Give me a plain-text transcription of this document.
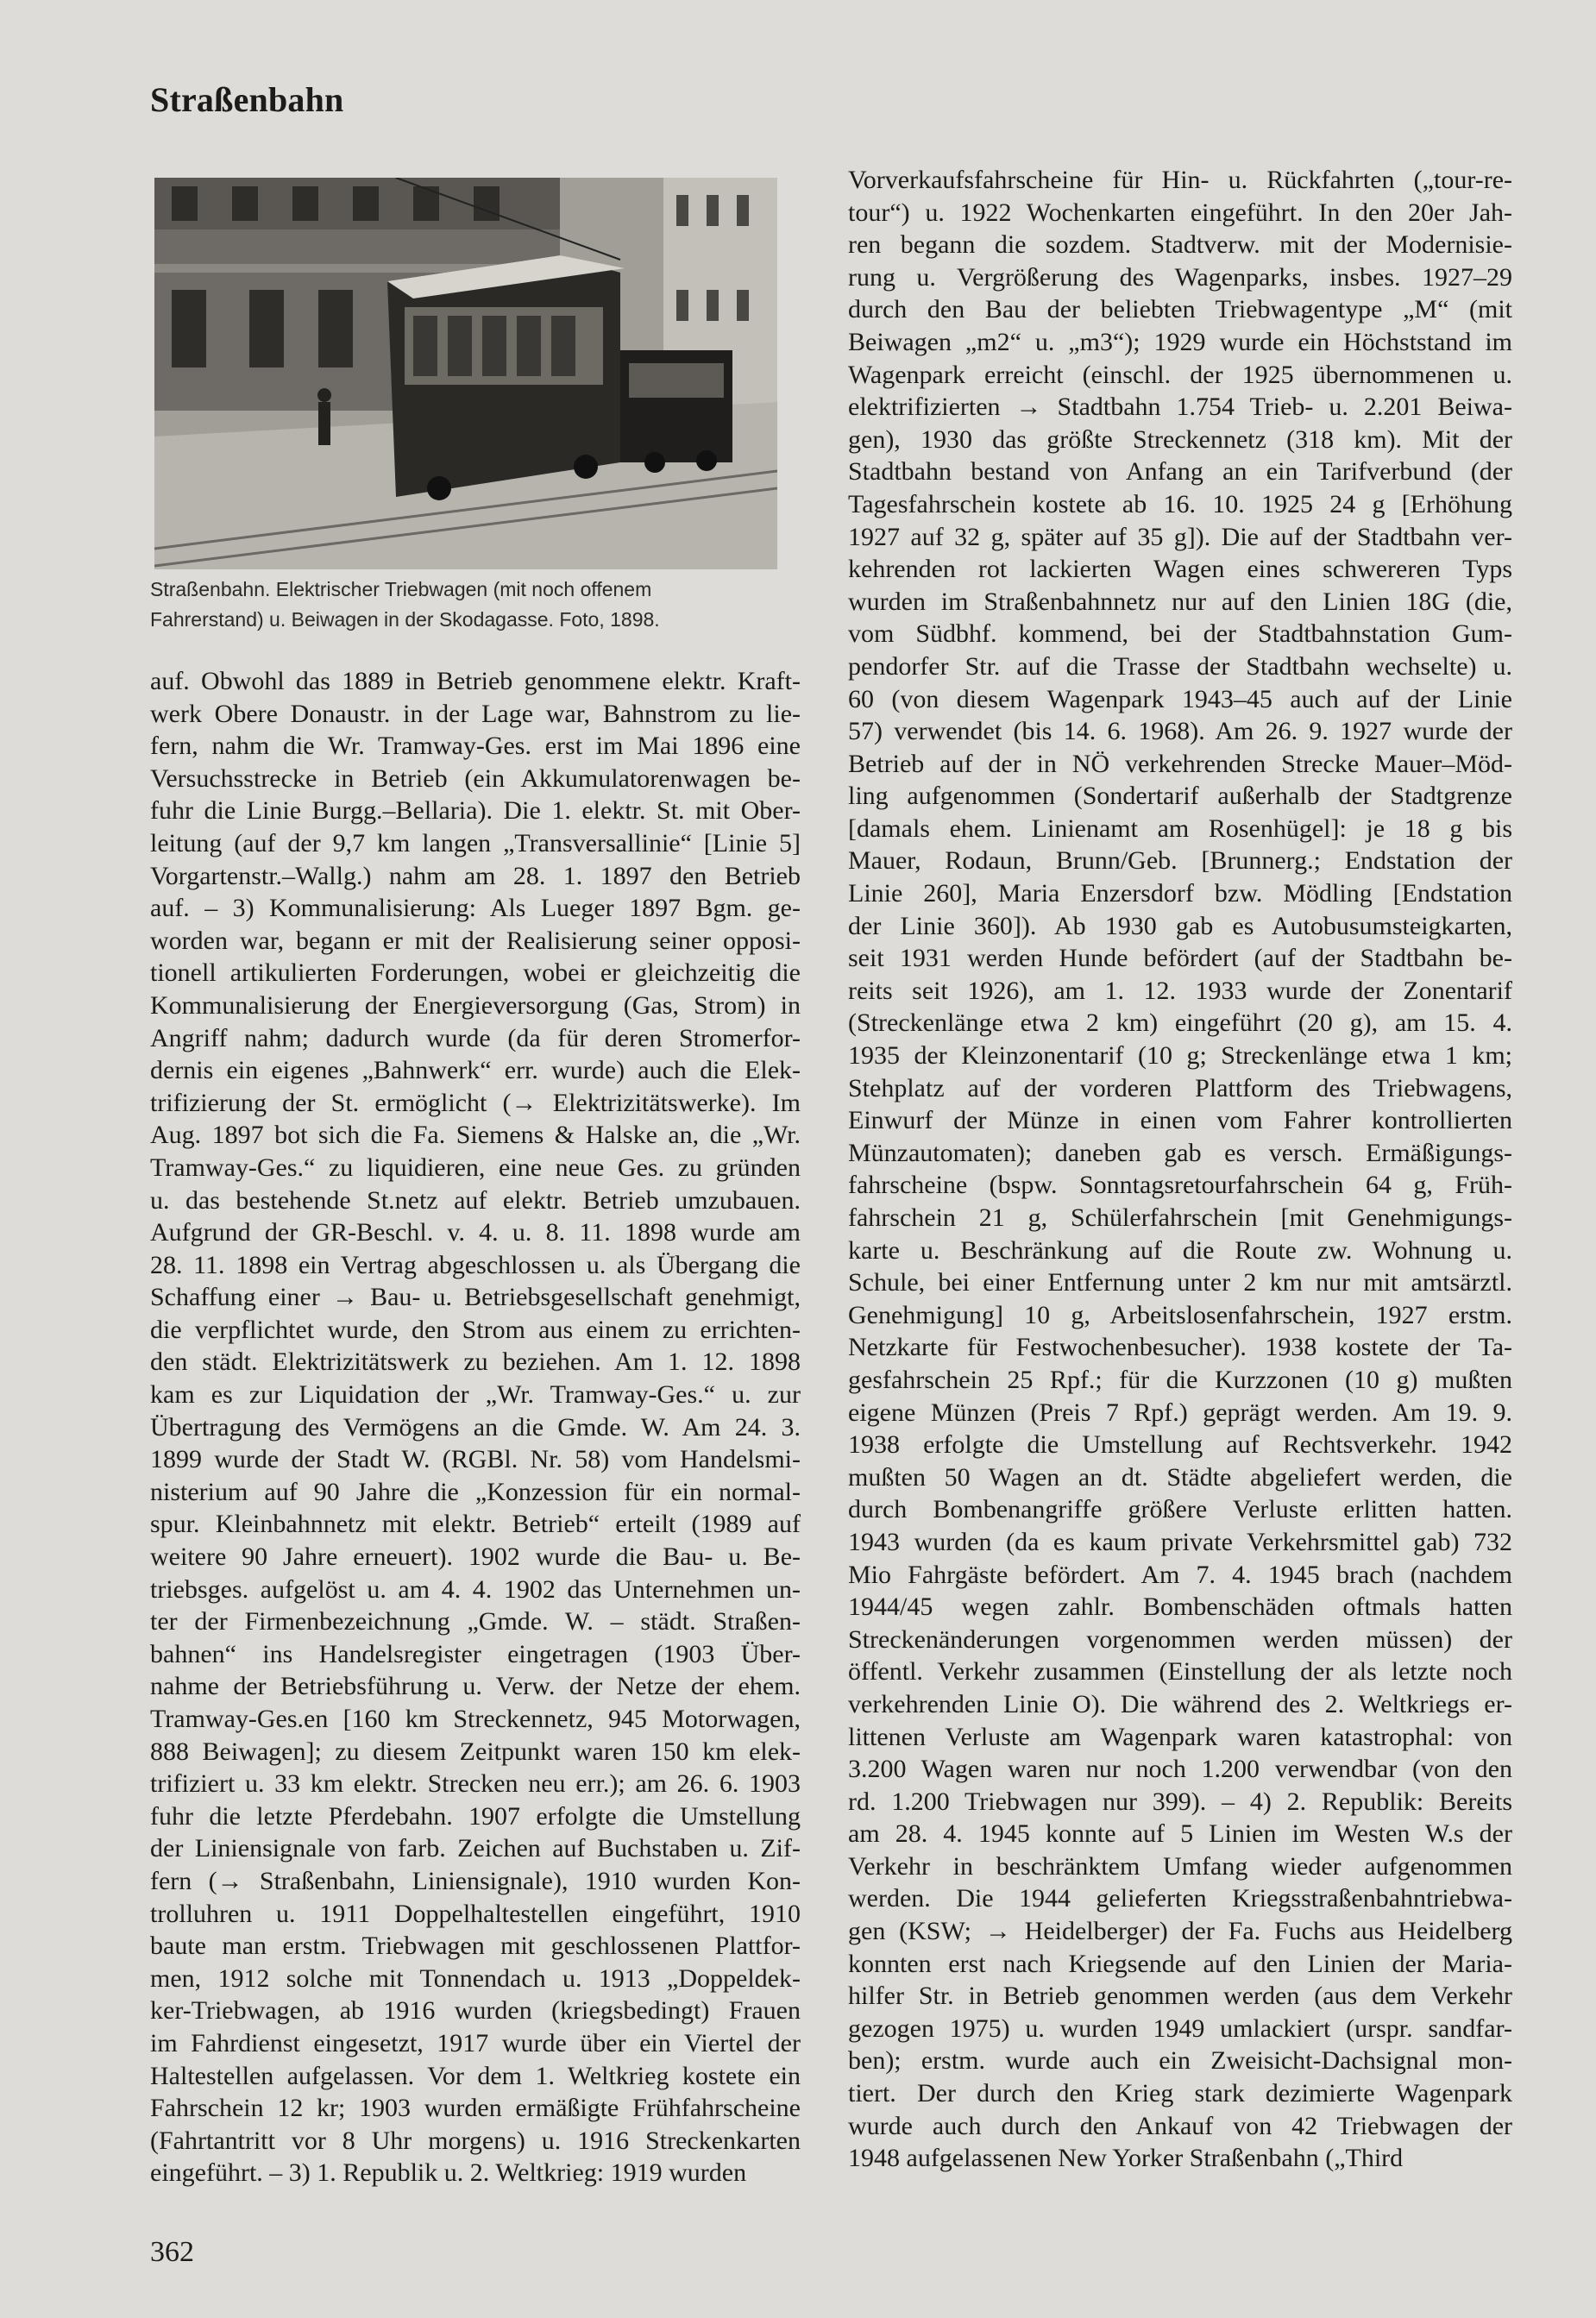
Straßenbahn
Straßenbahn. Elektrischer Triebwagen (mit noch offenem
Fahrerstand) u. Beiwagen in der Skodagasse. Foto, 1898.
auf. Obwohl das 1889 in Betrieb genommene elektr. Kraft-
werk Obere Donaustr. in der Lage war, Bahnstrom zu lie-
fern, nahm die Wr. Tramway-Ges. erst im Mai 1896 eine
Versuchsstrecke in Betrieb (ein Akkumulatorenwagen be-
fuhr die Linie Burgg.–Bellaria). Die 1. elektr. St. mit Ober-
leitung (auf der 9,7 km langen „Transversallinie“ [Linie 5]
Vorgartenstr.–Wallg.) nahm am 28. 1. 1897 den Betrieb
auf. – 3) Kommunalisierung: Als Lueger 1897 Bgm. ge-
worden war, begann er mit der Realisierung seiner opposi-
tionell artikulierten Forderungen, wobei er gleichzeitig die
Kommunalisierung der Energieversorgung (Gas, Strom) in
Angriff nahm; dadurch wurde (da für deren Stromerfor-
dernis ein eigenes „Bahnwerk“ err. wurde) auch die Elek-
trifizierung der St. ermöglicht (→ Elektrizitätswerke). Im
Aug. 1897 bot sich die Fa. Siemens & Halske an, die „Wr.
Tramway-Ges.“ zu liquidieren, eine neue Ges. zu gründen
u. das bestehende St.netz auf elektr. Betrieb umzubauen.
Aufgrund der GR-Beschl. v. 4. u. 8. 11. 1898 wurde am
28. 11. 1898 ein Vertrag abgeschlossen u. als Übergang die
Schaffung einer → Bau- u. Betriebsgesellschaft genehmigt,
die verpflichtet wurde, den Strom aus einem zu errichten-
den städt. Elektrizitätswerk zu beziehen. Am 1. 12. 1898
kam es zur Liquidation der „Wr. Tramway-Ges.“ u. zur
Übertragung des Vermögens an die Gmde. W. Am 24. 3.
1899 wurde der Stadt W. (RGBl. Nr. 58) vom Handelsmi-
nisterium auf 90 Jahre die „Konzession für ein normal-
spur. Kleinbahnnetz mit elektr. Betrieb“ erteilt (1989 auf
weitere 90 Jahre erneuert). 1902 wurde die Bau- u. Be-
triebsges. aufgelöst u. am 4. 4. 1902 das Unternehmen un-
ter der Firmenbezeichnung „Gmde. W. – städt. Straßen-
bahnen“ ins Handelsregister eingetragen (1903 Über-
nahme der Betriebsführung u. Verw. der Netze der ehem.
Tramway-Ges.en [160 km Streckennetz, 945 Motorwagen,
888 Beiwagen]; zu diesem Zeitpunkt waren 150 km elek-
trifiziert u. 33 km elektr. Strecken neu err.); am 26. 6. 1903
fuhr die letzte Pferdebahn. 1907 erfolgte die Umstellung
der Liniensignale von farb. Zeichen auf Buchstaben u. Zif-
fern (→ Straßenbahn, Liniensignale), 1910 wurden Kon-
trolluhren u. 1911 Doppelhaltestellen eingeführt, 1910
baute man erstm. Triebwagen mit geschlossenen Plattfor-
men, 1912 solche mit Tonnendach u. 1913 „Doppeldek-
ker-Triebwagen, ab 1916 wurden (kriegsbedingt) Frauen
im Fahrdienst eingesetzt, 1917 wurde über ein Viertel der
Haltestellen aufgelassen. Vor dem 1. Weltkrieg kostete ein
Fahrschein 12 kr; 1903 wurden ermäßigte Frühfahrscheine
(Fahrtantritt vor 8 Uhr morgens) u. 1916 Streckenkarten
eingeführt. – 3) 1. Republik u. 2. Weltkrieg: 1919 wurden
Vorverkaufsfahrscheine für Hin- u. Rückfahrten („tour-re-
tour“) u. 1922 Wochenkarten eingeführt. In den 20er Jah-
ren begann die sozdem. Stadtverw. mit der Modernisie-
rung u. Vergrößerung des Wagenparks, insbes. 1927–29
durch den Bau der beliebten Triebwagentype „M“ (mit
Beiwagen „m2“ u. „m3“); 1929 wurde ein Höchststand im
Wagenpark erreicht (einschl. der 1925 übernommenen u.
elektrifizierten → Stadtbahn 1.754 Trieb- u. 2.201 Beiwa-
gen), 1930 das größte Streckennetz (318 km). Mit der
Stadtbahn bestand von Anfang an ein Tarifverbund (der
Tagesfahrschein kostete ab 16. 10. 1925 24 g [Erhöhung
1927 auf 32 g, später auf 35 g]). Die auf der Stadtbahn ver-
kehrenden rot lackierten Wagen eines schwereren Typs
wurden im Straßenbahnnetz nur auf den Linien 18G (die,
vom Südbhf. kommend, bei der Stadtbahnstation Gum-
pendorfer Str. auf die Trasse der Stadtbahn wechselte) u.
60 (von diesem Wagenpark 1943–45 auch auf der Linie
57) verwendet (bis 14. 6. 1968). Am 26. 9. 1927 wurde der
Betrieb auf der in NÖ verkehrenden Strecke Mauer–Möd-
ling aufgenommen (Sondertarif außerhalb der Stadtgrenze
[damals ehem. Linienamt am Rosenhügel]: je 18 g bis
Mauer, Rodaun, Brunn/Geb. [Brunnerg.; Endstation der
Linie 260], Maria Enzersdorf bzw. Mödling [Endstation
der Linie 360]). Ab 1930 gab es Autobusumsteigkarten,
seit 1931 werden Hunde befördert (auf der Stadtbahn be-
reits seit 1926), am 1. 12. 1933 wurde der Zonentarif
(Streckenlänge etwa 2 km) eingeführt (20 g), am 15. 4.
1935 der Kleinzonentarif (10 g; Streckenlänge etwa 1 km;
Stehplatz auf der vorderen Plattform des Triebwagens,
Einwurf der Münze in einen vom Fahrer kontrollierten
Münzautomaten); daneben gab es versch. Ermäßigungs-
fahrscheine (bspw. Sonntagsretourfahrschein 64 g, Früh-
fahrschein 21 g, Schülerfahrschein [mit Genehmigungs-
karte u. Beschränkung auf die Route zw. Wohnung u.
Schule, bei einer Entfernung unter 2 km nur mit amtsärztl.
Genehmigung] 10 g, Arbeitslosenfahrschein, 1927 erstm.
Netzkarte für Festwochenbesucher). 1938 kostete der Ta-
gesfahrschein 25 Rpf.; für die Kurzzonen (10 g) mußten
eigene Münzen (Preis 7 Rpf.) geprägt werden. Am 19. 9.
1938 erfolgte die Umstellung auf Rechtsverkehr. 1942
mußten 50 Wagen an dt. Städte abgeliefert werden, die
durch Bombenangriffe größere Verluste erlitten hatten.
1943 wurden (da es kaum private Verkehrsmittel gab) 732
Mio Fahrgäste befördert. Am 7. 4. 1945 brach (nachdem
1944/45 wegen zahlr. Bombenschäden oftmals hatten
Streckenänderungen vorgenommen werden müssen) der
öffentl. Verkehr zusammen (Einstellung der als letzte noch
verkehrenden Linie O). Die während des 2. Weltkriegs er-
littenen Verluste am Wagenpark waren katastrophal: von
3.200 Wagen waren nur noch 1.200 verwendbar (von den
rd. 1.200 Triebwagen nur 399). – 4) 2. Republik: Bereits
am 28. 4. 1945 konnte auf 5 Linien im Westen W.s der
Verkehr in beschränktem Umfang wieder aufgenommen
werden. Die 1944 gelieferten Kriegsstraßenbahntriebwa-
gen (KSW; → Heidelberger) der Fa. Fuchs aus Heidelberg
konnten erst nach Kriegsende auf den Linien der Maria-
hilfer Str. in Betrieb genommen werden (aus dem Verkehr
gezogen 1975) u. wurden 1949 umlackiert (urspr. sandfar-
ben); erstm. wurde auch ein Zweisicht-Dachsignal mon-
tiert. Der durch den Krieg stark dezimierte Wagenpark
wurde auch durch den Ankauf von 42 Triebwagen der
1948 aufgelassenen New Yorker Straßenbahn („Third
362
